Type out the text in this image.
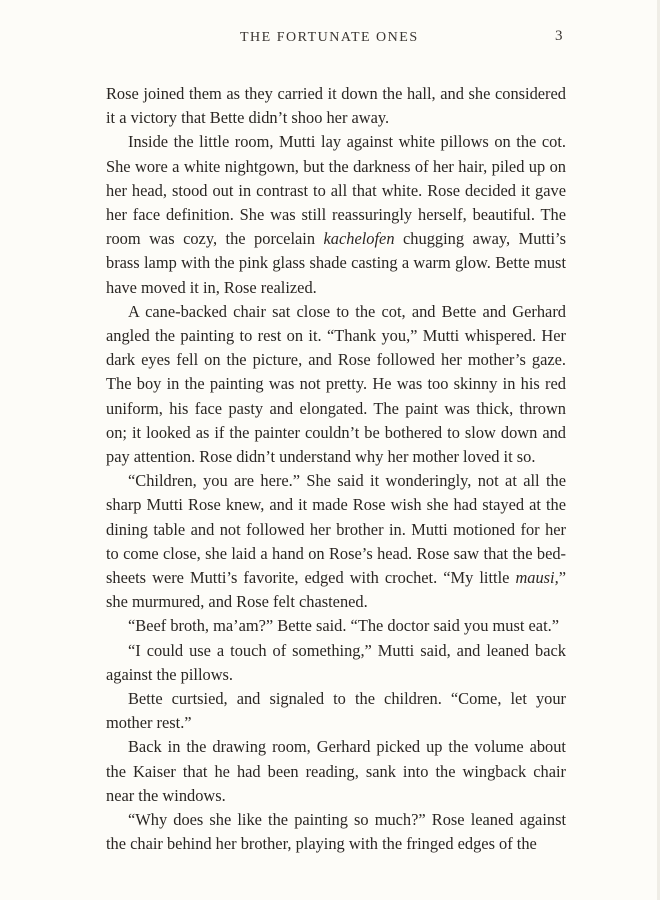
THE FORTUNATE ONES	3

Rose joined them as they carried it down the hall, and she considered it a victory that Bette didn’t shoo her away.

Inside the little room, Mutti lay against white pillows on the cot. She wore a white nightgown, but the darkness of her hair, piled up on her head, stood out in contrast to all that white. Rose decided it gave her face definition. She was still reassuringly herself, beautiful. The room was cozy, the porcelain kachelofen chugging away, Mutti’s brass lamp with the pink glass shade casting a warm glow. Bette must have moved it in, Rose realized.

A cane-backed chair sat close to the cot, and Bette and Gerhard angled the painting to rest on it. “Thank you,” Mutti whispered. Her dark eyes fell on the picture, and Rose followed her mother’s gaze. The boy in the painting was not pretty. He was too skinny in his red uniform, his face pasty and elongated. The paint was thick, thrown on; it looked as if the painter couldn’t be bothered to slow down and pay attention. Rose didn’t understand why her mother loved it so.

“Children, you are here.” She said it wonderingly, not at all the sharp Mutti Rose knew, and it made Rose wish she had stayed at the dining table and not followed her brother in. Mutti motioned for her to come close, she laid a hand on Rose’s head. Rose saw that the bed-sheets were Mutti’s favorite, edged with crochet. “My little mausi,” she murmured, and Rose felt chastened.

“Beef broth, ma’am?” Bette said. “The doctor said you must eat.”

“I could use a touch of something,” Mutti said, and leaned back against the pillows.

Bette curtsied, and signaled to the children. “Come, let your mother rest.”

Back in the drawing room, Gerhard picked up the volume about the Kaiser that he had been reading, sank into the wingback chair near the windows.

“Why does she like the painting so much?” Rose leaned against the chair behind her brother, playing with the fringed edges of the
